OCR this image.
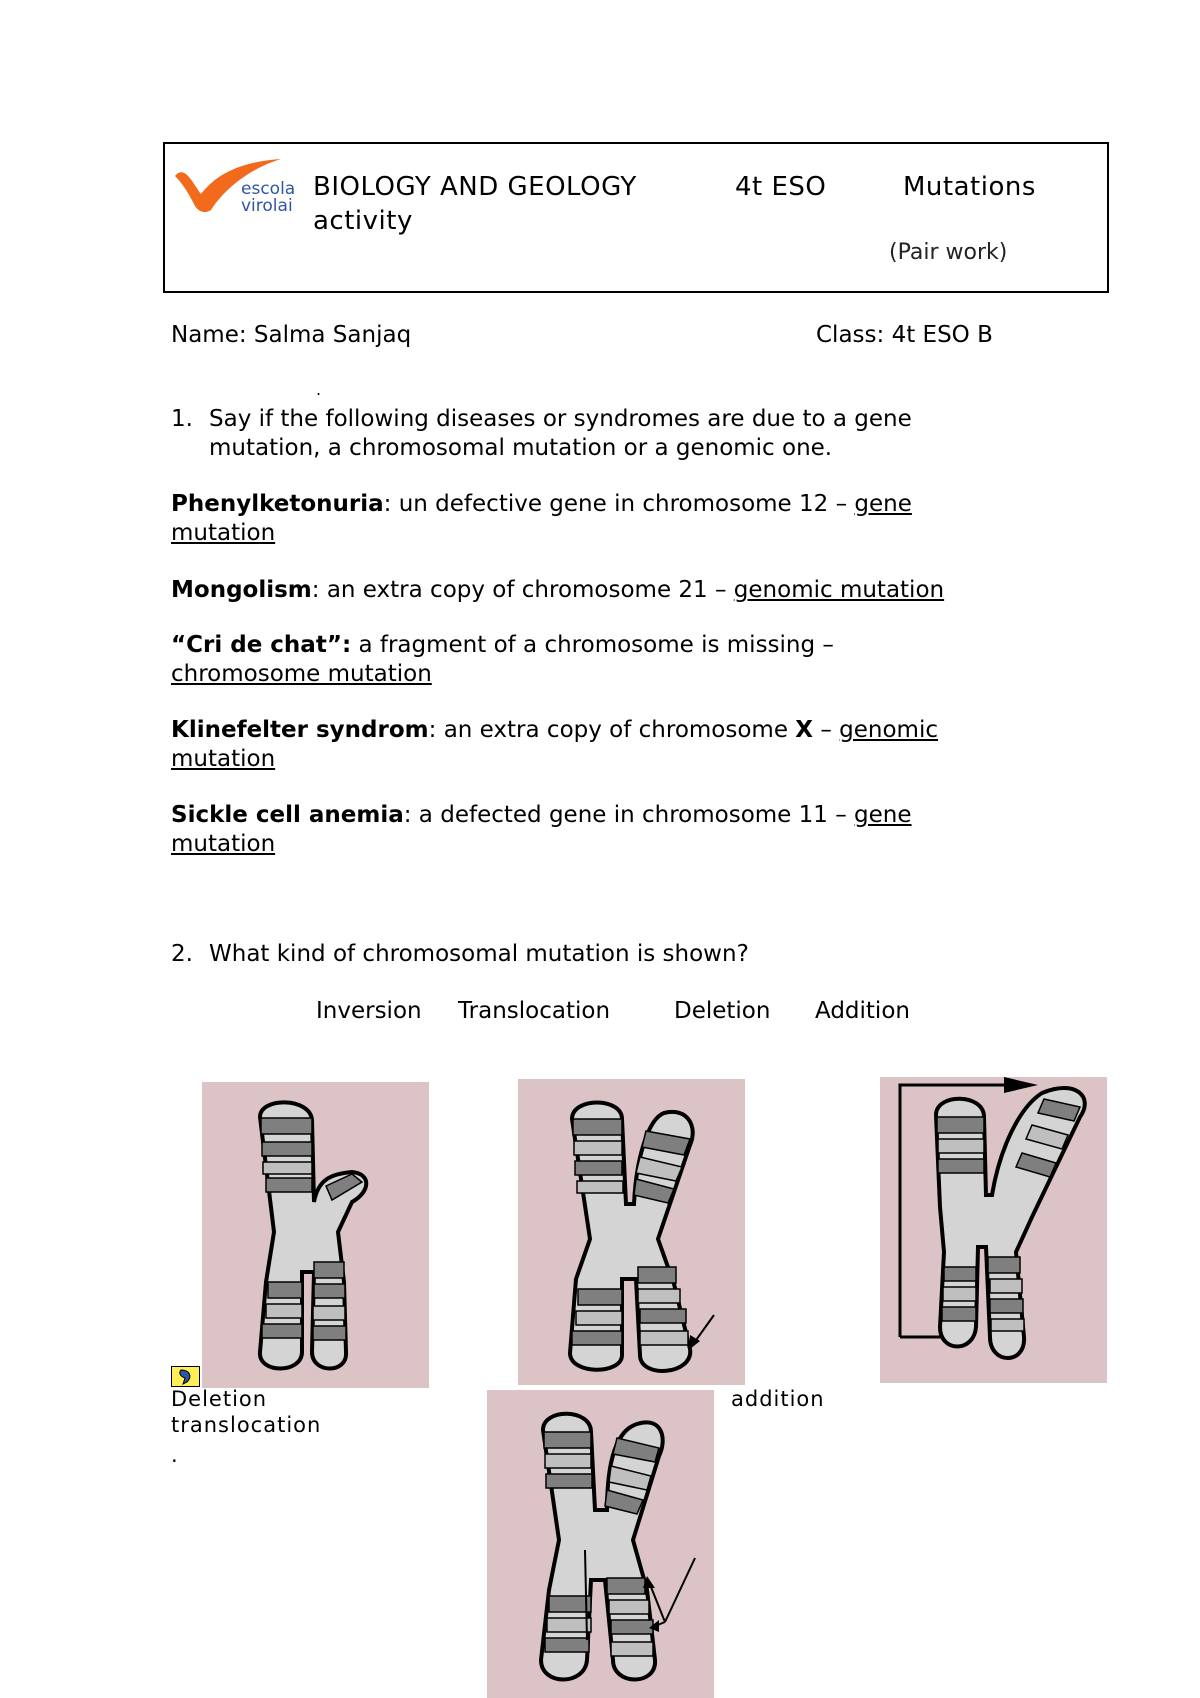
escola
virolai
BIOLOGY AND GEOLOGY	4t ESO	Mutations
activity
(Pair work)
Name: Salma Sanjaq	Class: 4t ESO B
.
1. Say if the following diseases or syndromes are due to a gene
mutation, a chromosomal mutation or a genomic one.
Phenylketonuria: un defective gene in chromosome 12 – gene
mutation
Mongolism: an extra copy of chromosome 21 – genomic mutation
“Cri de chat”: a fragment of a chromosome is missing –
chromosome mutation
Klinefelter syndrom: an extra copy of chromosome X – genomic
mutation
Sickle cell anemia: a defected gene in chromosome 11 – gene
mutation
2. What kind of chromosomal mutation is shown?
Inversion Translocation	Deletion Addition
Deletion
translocation
.
addition
